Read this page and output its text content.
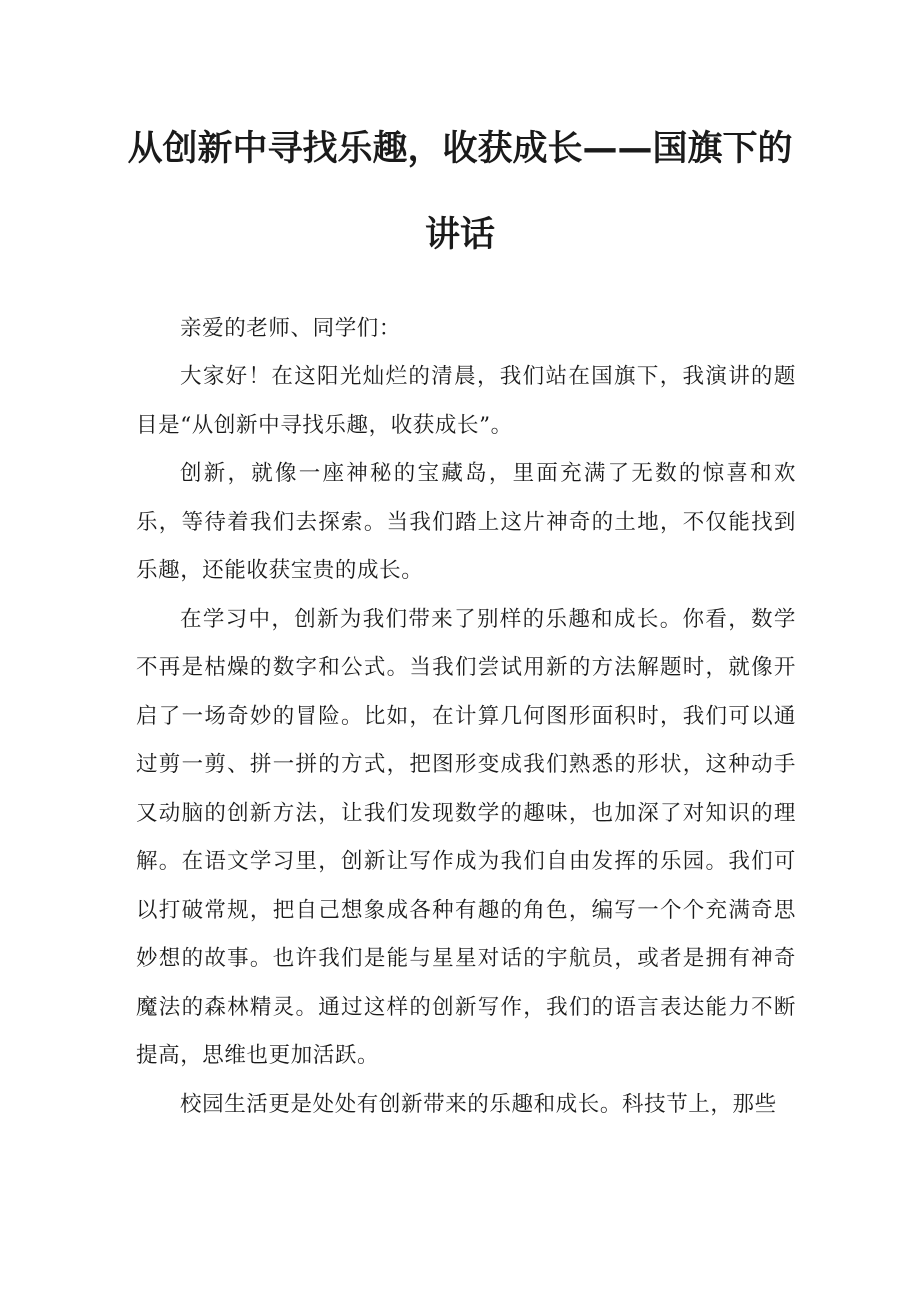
从创新中寻找乐趣，收获成长——国旗下的
讲话

亲爱的老师、同学们：

大家好！在这阳光灿烂的清晨，我们站在国旗下，我演讲的题目是“从创新中寻找乐趣，收获成长”。

创新，就像一座神秘的宝藏岛，里面充满了无数的惊喜和欢乐，等待着我们去探索。当我们踏上这片神奇的土地，不仅能找到乐趣，还能收获宝贵的成长。

在学习中，创新为我们带来了别样的乐趣和成长。你看，数学不再是枯燥的数字和公式。当我们尝试用新的方法解题时，就像开启了一场奇妙的冒险。比如，在计算几何图形面积时，我们可以通过剪一剪、拼一拼的方式，把图形变成我们熟悉的形状，这种动手又动脑的创新方法，让我们发现数学的趣味，也加深了对知识的理解。在语文学习里，创新让写作成为我们自由发挥的乐园。我们可以打破常规，把自己想象成各种有趣的角色，编写一个个充满奇思妙想的故事。也许我们是能与星星对话的宇航员，或者是拥有神奇魔法的森林精灵。通过这样的创新写作，我们的语言表达能力不断提高，思维也更加活跃。

校园生活更是处处有创新带来的乐趣和成长。科技节上，那些
